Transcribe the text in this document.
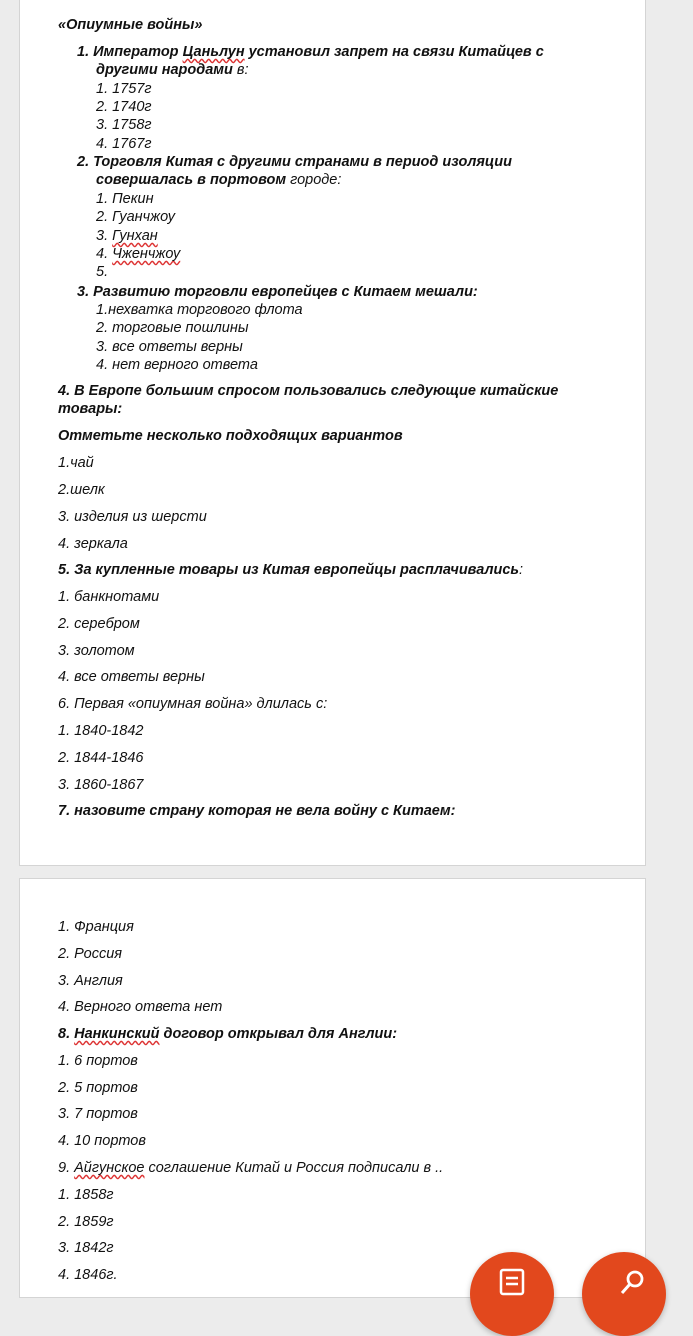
«Опиумные войны»
1. Император Цаньлун установил запрет на связи Китайцев с
другими народами в:
1. 1757г
2. 1740г
3. 1758г
4. 1767г
2. Торговля Китая с другими странами в период изоляции
совершалась в портовом городе:
1. Пекин
2. Гуанчжоу
3. Гунхан
4. Чженчжоу
5.
3. Развитию торговли европейцев с Китаем мешали:
1.нехватка торгового флота
2. торговые пошлины
3. все ответы верны
4. нет верного ответа
4. В Европе большим спросом пользовались следующие китайские
товары:
Отметьте несколько подходящих вариантов
1.чай
2.шелк
3. изделия из шерсти
4. зеркала
5. За купленные товары из Китая европейцы расплачивались:
1. банкнотами
2. серебром
3. золотом
4. все ответы верны
6. Первая «опиумная война» длилась с:
1. 1840-1842
2. 1844-1846
3. 1860-1867
7. назовите страну которая не вела войну с Китаем:
1. Франция
2. Россия
3. Англия
4. Верного ответа нет
8. Нанкинский договор открывал для Англии:
1. 6 портов
2. 5 портов
3. 7 портов
4. 10 портов
9. Айгунское соглашение Китай и Россия подписали в ..
1. 1858г
2. 1859г
3. 1842г
4. 1846г.
